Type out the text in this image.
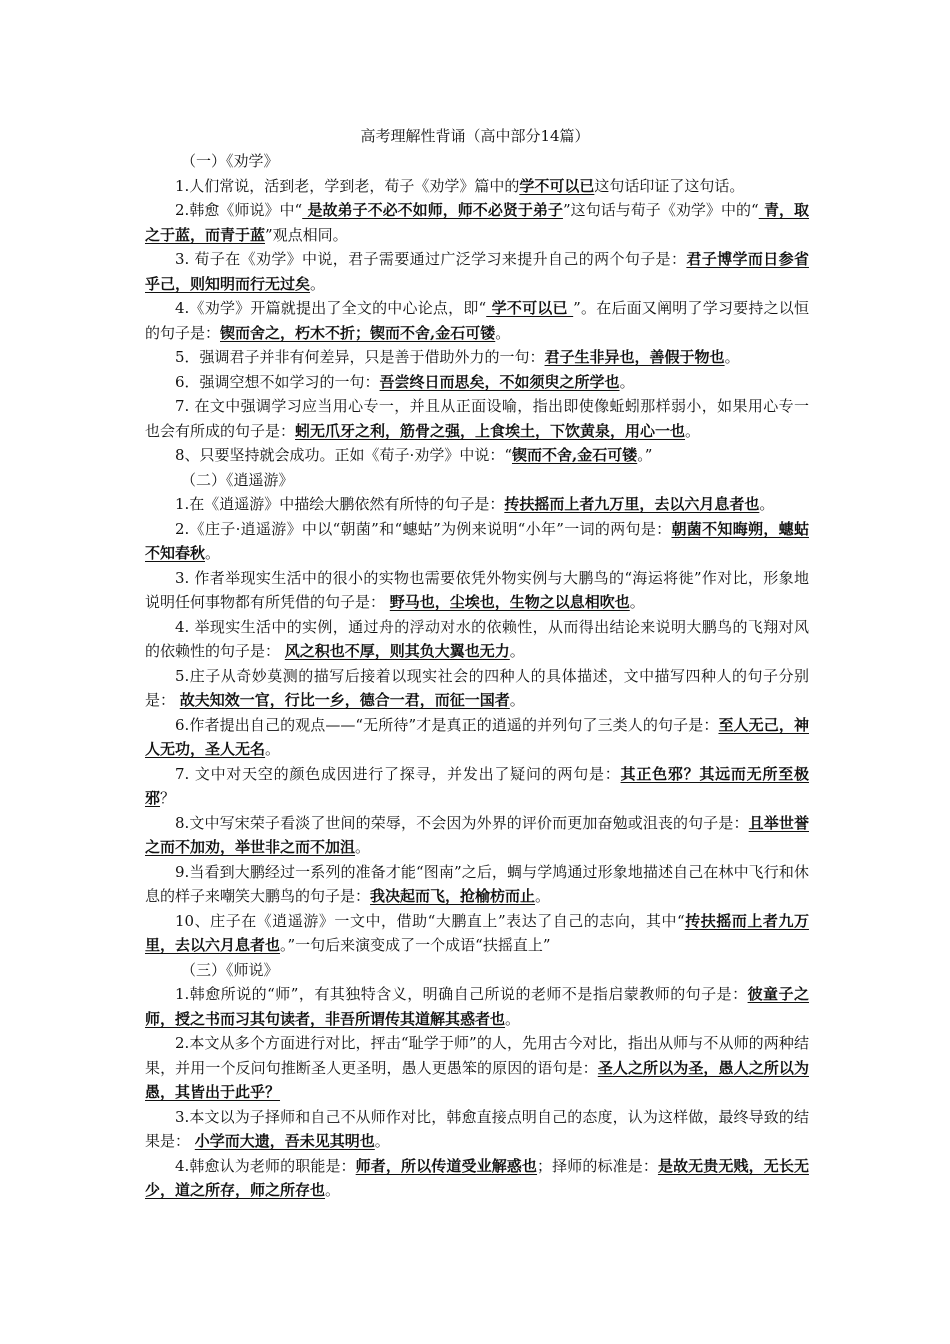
高考理解性背诵（高中部分14篇）
（一）《劝学》
1.人们常说，活到老，学到老，荀子《劝学》篇中的学不可以已这句话印证了这句话。
2.韩愈《师说》中“ 是故弟子不必不如师，师不必贤于弟子”这句话与荀子《劝学》中的“ 青，取之于蓝，而青于蓝”观点相同。
3. 荀子在《劝学》中说，君子需要通过广泛学习来提升自己的两个句子是：君子博学而日参省乎己，则知明而行无过矣。
4.《劝学》开篇就提出了全文的中心论点，即“ 学不可以已 ”。在后面又阐明了学习要持之以恒的句子是：锲而舍之，朽木不折；锲而不舍,金石可镂。
5．强调君子并非有何差异，只是善于借助外力的一句：君子生非异也，善假于物也。
6．强调空想不如学习的一句：吾尝终日而思矣，不如须臾之所学也。
7. 在文中强调学习应当用心专一，并且从正面设喻，指出即使像蚯蚓那样弱小，如果用心专一也会有所成的句子是：蚓无爪牙之利，筋骨之强，上食埃土，下饮黄泉，用心一也。
8、只要坚持就会成功。正如《荀子·劝学》中说：“锲而不舍,金石可镂。”
（二）《逍遥游》
1.在《逍遥游》中描绘大鹏依然有所恃的句子是：抟扶摇而上者九万里，去以六月息者也。
2.《庄子·逍遥游》中以“朝菌”和“蟪蛄”为例来说明“小年”一词的两句是：朝菌不知晦朔，蟪蛄不知春秋。
3. 作者举现实生活中的很小的实物也需要依凭外物实例与大鹏鸟的“海运将徙”作对比，形象地说明任何事物都有所凭借的句子是： 野马也，尘埃也，生物之以息相吹也。
4. 举现实生活中的实例，通过舟的浮动对水的依赖性，从而得出结论来说明大鹏鸟的飞翔对风的依赖性的句子是： 风之积也不厚，则其负大翼也无力。
5.庄子从奇妙莫测的描写后接着以现实社会的四种人的具体描述，文中描写四种人的句子分别是： 故夫知效一官，行比一乡，德合一君，而征一国者。
6.作者提出自己的观点——“无所待”才是真正的逍遥的并列句了三类人的句子是：至人无己，神人无功，圣人无名。
7. 文中对天空的颜色成因进行了探寻，并发出了疑问的两句是：其正色邪？其远而无所至极邪？
8.文中写宋荣子看淡了世间的荣辱，不会因为外界的评价而更加奋勉或沮丧的句子是：且举世誉之而不加劝，举世非之而不加沮。
9.当看到大鹏经过一系列的准备才能“图南”之后，蜩与学鸠通过形象地描述自己在林中飞行和休息的样子来嘲笑大鹏鸟的句子是：我决起而飞，抢榆枋而止。
10、庄子在《逍遥游》一文中，借助“大鹏直上”表达了自己的志向，其中“抟扶摇而上者九万里，去以六月息者也。”一句后来演变成了一个成语“扶摇直上”
（三）《师说》
1.韩愈所说的“师”，有其独特含义，明确自己所说的老师不是指启蒙教师的句子是：彼童子之师，授之书而习其句读者，非吾所谓传其道解其惑者也。
2.本文从多个方面进行对比，抨击“耻学于师”的人，先用古今对比，指出从师与不从师的两种结果，并用一个反问句推断圣人更圣明，愚人更愚笨的原因的语句是：圣人之所以为圣，愚人之所以为愚，其皆出于此乎？
3.本文以为子择师和自己不从师作对比，韩愈直接点明自己的态度，认为这样做，最终导致的结果是： 小学而大遗，吾未见其明也。
4.韩愈认为老师的职能是：师者，所以传道受业解惑也；择师的标准是：是故无贵无贱，无长无少，道之所存，师之所存也。
